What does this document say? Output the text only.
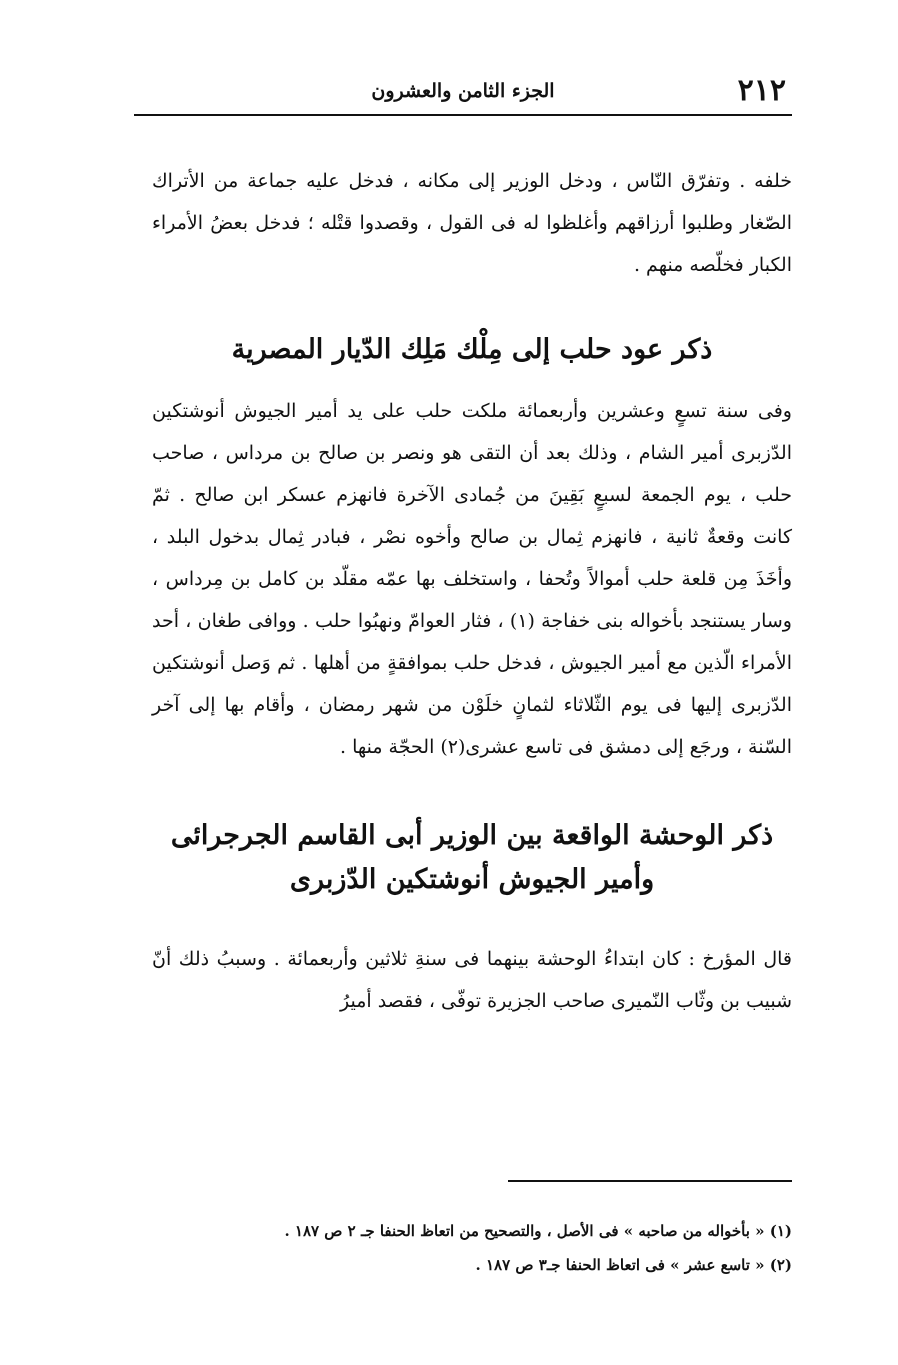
٢١٢
الجزء الثامن والعشرون

خلفه . وتفرّق النّاس ، ودخل الوزير إلى مكانه ، فدخل عليه جماعة من الأتراك الصّغار وطلبوا أرزاقهم وأغلظوا له فى القول ، وقصدوا قتْله ؛ فدخل بعضُ الأمراء الكبار فخلّصه منهم .

ذكر عود حلب إلى مِلْك مَلِك الدّيار المصرية

وفى سنة تسعٍ وعشرين وأربعمائة ملكت حلب على يد أمير الجيوش أنوشتكين الدّزبرى أمير الشام ، وذلك بعد أن التقى هو ونصر بن صالح بن مرداس ، صاحب حلب ، يوم الجمعة لسبعٍ بَقِينَ من جُمادى الآخرة فانهزم عسكر ابن صالح . ثمّ كانت وقعةٌ ثانية ، فانهزم ثِمال بن صالح وأخوه نصْر ، فبادر ثِمال بدخول البلد ، وأخَذَ مِن قلعة حلب أموالاً وتُحفا ، واستخلف بها عمّه مقلّد بن كامل بن مِرداس ، وسار يستنجد بأخواله بنى خفاجة (١) ، فثار العوامّ ونهبُوا حلب . ووافى طغان ، أحد الأمراء الّذين مع أمير الجيوش ، فدخل حلب بموافقةٍ من أهلها . ثم وَصل أنوشتكين الدّزبرى إليها فى يوم الثّلاثاء لثمانٍ خلَوْن من شهر رمضان ، وأقام بها إلى آخر السّنة ، ورجَع إلى دمشق فى تاسع عشرى(٢) الحجّة منها .

ذكر الوحشة الواقعة بين الوزير أبى القاسم الجرجرائى

وأمير الجيوش أنوشتكين الدّزبرى

قال المؤرخ : كان ابتداءُ الوحشة بينهما فى سنةِ ثلاثين وأربعمائة . وسببُ ذلك أنّ شبيب بن وثّاب النّميرى صاحب الجزيرة توفّى ، فقصد أميرُ

(١) « بأخواله من صاحبه » فى الأصل ، والتصحيح من اتعاظ الحنفا جـ ٢ ص ١٨٧ .
(٢) « تاسع عشر » فى اتعاظ الحنفا جـ٣ ص ١٨٧ .
